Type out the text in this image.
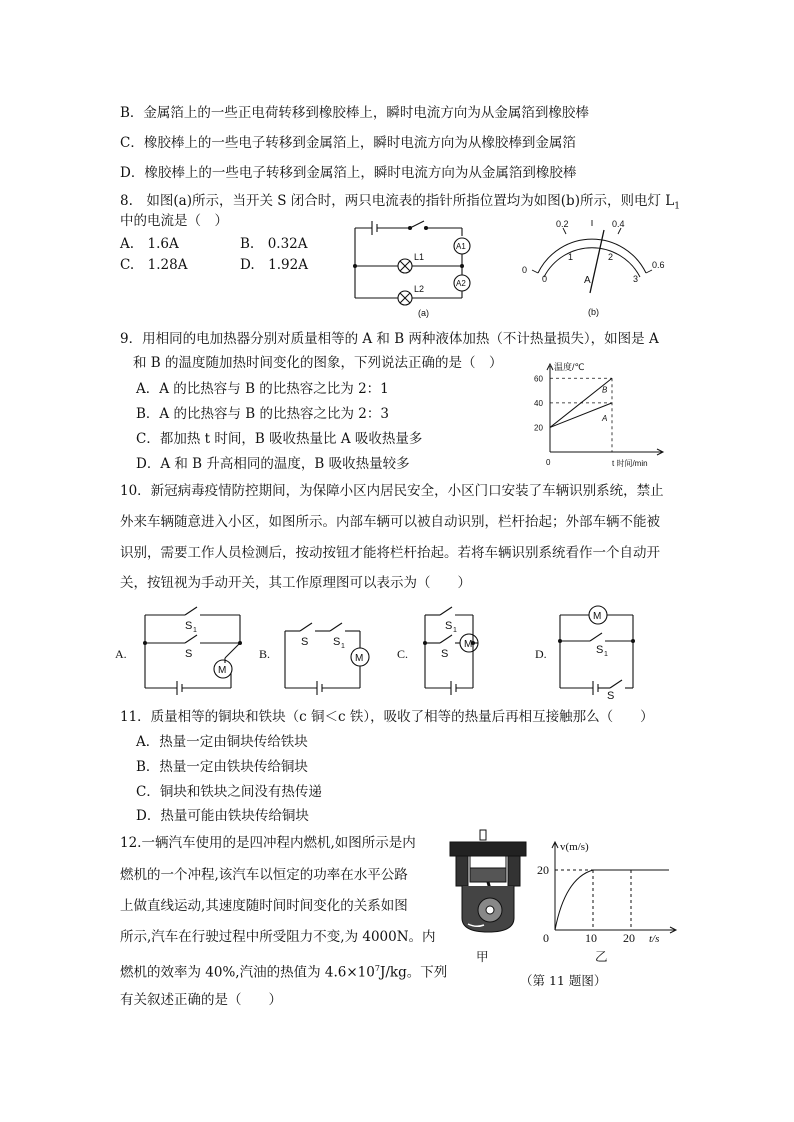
B．金属箔上的一些正电荷转移到橡胶棒上，瞬时电流方向为从金属箔到橡胶棒
C．橡胶棒上的一些电子转移到金属箔上，瞬时电流方向为从橡胶棒到金属箔
D．橡胶棒上的一些电子转移到金属箔上，瞬时电流方向为从金属箔到橡胶棒
8.　如图(a)所示，当开关 S 闭合时，两只电流表的指针所指位置均为如图(b)所示，则电灯 $L_1$
中的电流是（　）
A.　1.6A	B.　0.32A
C.　1.28A	D.　1.92A
A1
A2
L1
L2
(a)
0
0.2	0.4
0.6
0
1	2
3
A
(b)
9．用相同的电加热器分别对质量相等的 A 和 B 两种液体加热（不计热量损失），如图是 A
和 B 的温度随加热时间变化的图象，下列说法正确的是（　）
A．A 的比热容与 B 的比热容之比为 2：1
B．A 的比热容与 B 的比热容之比为 2：3
C．都加热 t 时间，B 吸收热量比 A 吸收热量多
D．A 和 B 升高相同的温度，B 吸收热量较多
20
40
60
B
A
温度/℃
t 时间/min
0
10．新冠病毒疫情防控期间，为保障小区内居民安全，小区门口安装了车辆识别系统，禁止
外来车辆随意进入小区，如图所示。内部车辆可以被自动识别，栏杆抬起；外部车辆不能被
识别，需要工作人员检测后，按动按钮才能将栏杆抬起。若将车辆识别系统看作一个自动开
关，按钮视为手动开关，其工作原理图可以表示为（　　）
A.	B.	C.	D.
S 1
S
M
S S 1
M
S 1
S
M
M
S 1
S
11．质量相等的铜块和铁块（c 铜＜c 铁），吸收了相等的热量后再相互接触那么（　　）
A．热量一定由铜块传给铁块
B．热量一定由铁块传给铜块
C．铜块和铁块之间没有热传递
D．热量可能由铁块传给铜块
12.一辆汽车使用的是四冲程内燃机,如图所示是内
燃机的一个冲程,该汽车以恒定的功率在水平公路
上做直线运动,其速度随时间时间变化的关系如图
所示,汽车在行驶过程中所受阻力不变,为 4000N。内
燃机的效率为 40%,汽油的热值为 $4.6\times 10^7J/kg$。下列
有关叙述正确的是（　　）
甲
v(m/s)
20
0	10 20 t/s
乙
（第 11 题图）
